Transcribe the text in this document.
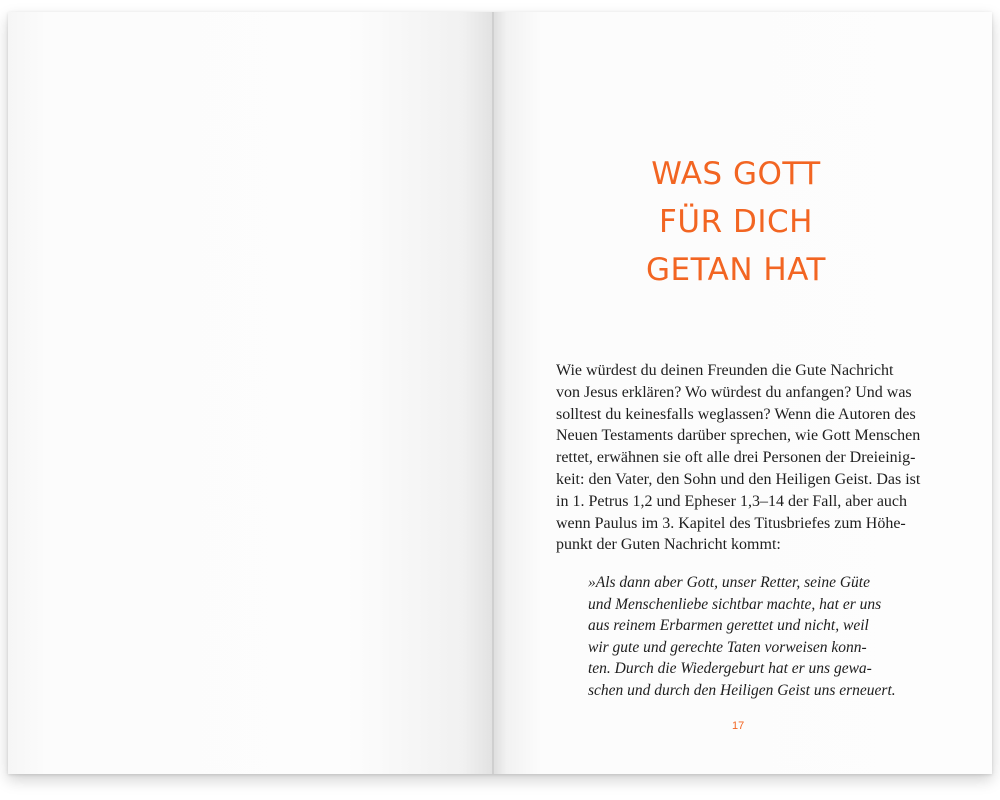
WAS GOTT
FÜR DICH
GETAN HAT
Wie würdest du deinen Freunden die Gute Nachricht
von Jesus erklären? Wo würdest du anfangen? Und was
solltest du keinesfalls weglassen? Wenn die Autoren des
Neuen Testaments darüber sprechen, wie Gott Menschen
rettet, erwähnen sie oft alle drei Personen der Dreieinig-
keit: den Vater, den Sohn und den Heiligen Geist. Das ist
in 1. Petrus 1,2 und Epheser 1,3–14 der Fall, aber auch
wenn Paulus im 3. Kapitel des Titusbriefes zum Höhe-
punkt der Guten Nachricht kommt:
»Als dann aber Gott, unser Retter, seine Güte
und Menschenliebe sichtbar machte, hat er uns
aus reinem Erbarmen gerettet und nicht, weil
wir gute und gerechte Taten vorweisen konn-
ten. Durch die Wiedergeburt hat er uns gewa-
schen und durch den Heiligen Geist uns erneuert.
17
